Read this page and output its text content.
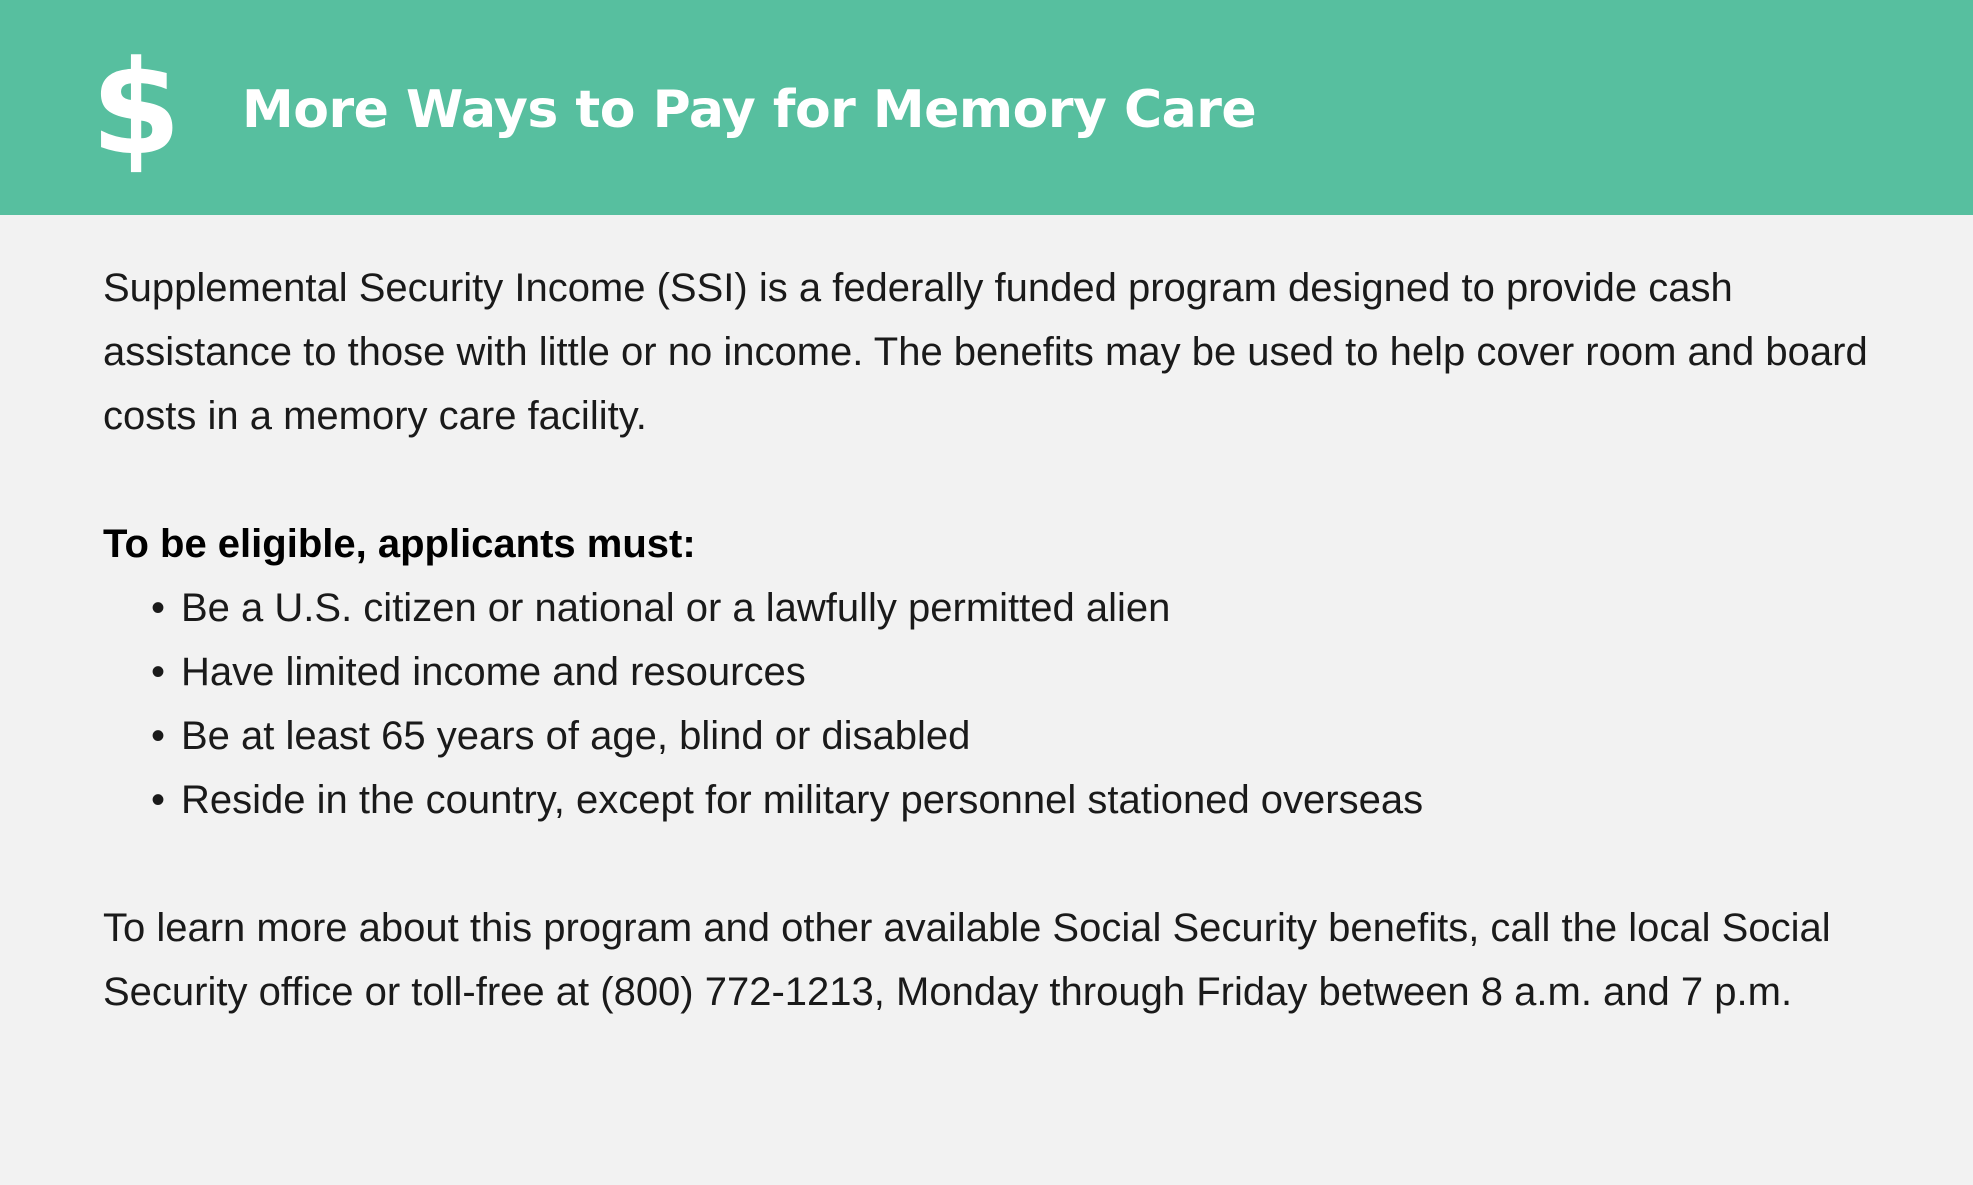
$ More Ways to Pay for Memory Care

Supplemental Security Income (SSI) is a federally funded program designed to provide cash assistance to those with little or no income. The benefits may be used to help cover room and board costs in a memory care facility.

To be eligible, applicants must:

• Be a U.S. citizen or national or a lawfully permitted alien
• Have limited income and resources
• Be at least 65 years of age, blind or disabled
• Reside in the country, except for military personnel stationed overseas

To learn more about this program and other available Social Security benefits, call the local Social Security office or toll-free at (800) 772-1213, Monday through Friday between 8 a.m. and 7 p.m.
